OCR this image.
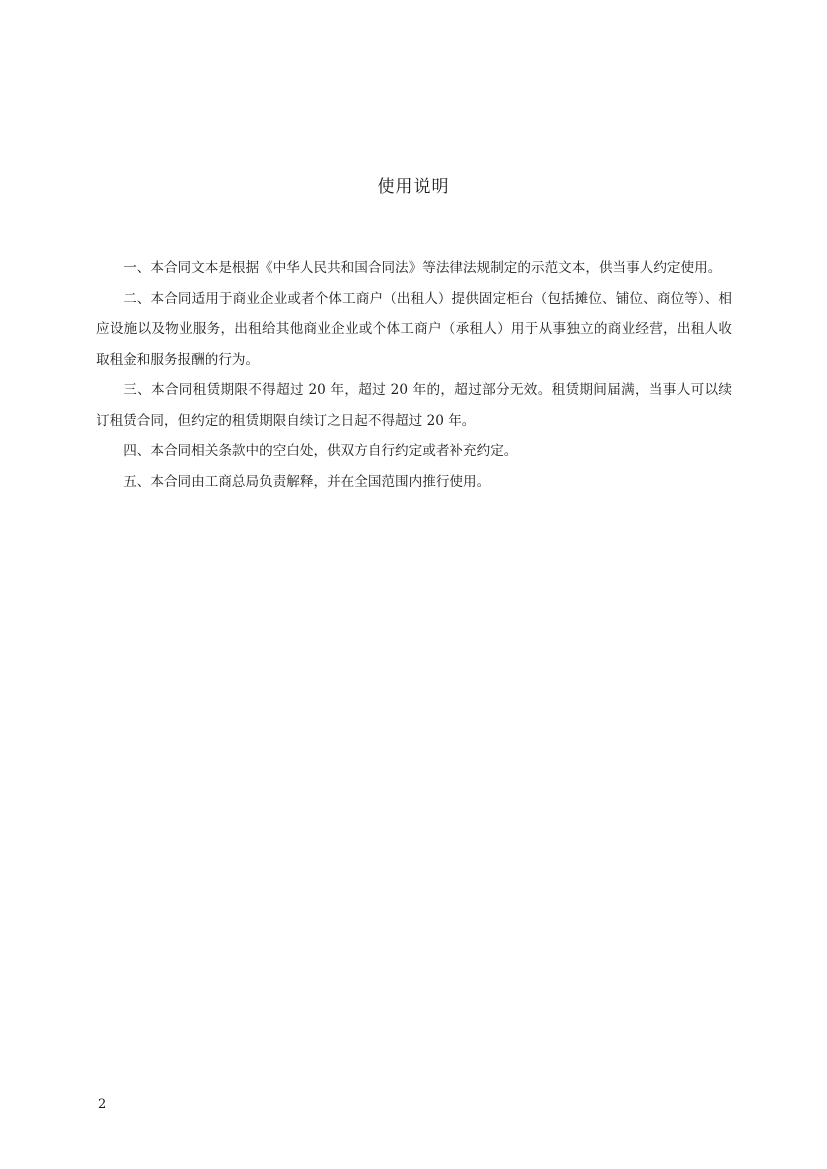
使用说明

一、本合同文本是根据《中华人民共和国合同法》等法律法规制定的示范文本，供当事人约定使用。

二、本合同适用于商业企业或者个体工商户（出租人）提供固定柜台（包括摊位、铺位、商位等）、相应设施以及物业服务，出租给其他商业企业或个体工商户（承租人）用于从事独立的商业经营，出租人收取租金和服务报酬的行为。

三、本合同租赁期限不得超过 20 年，超过 20 年的，超过部分无效。租赁期间届满，当事人可以续订租赁合同，但约定的租赁期限自续订之日起不得超过 20 年。

四、本合同相关条款中的空白处，供双方自行约定或者补充约定。

五、本合同由工商总局负责解释，并在全国范围内推行使用。

2
